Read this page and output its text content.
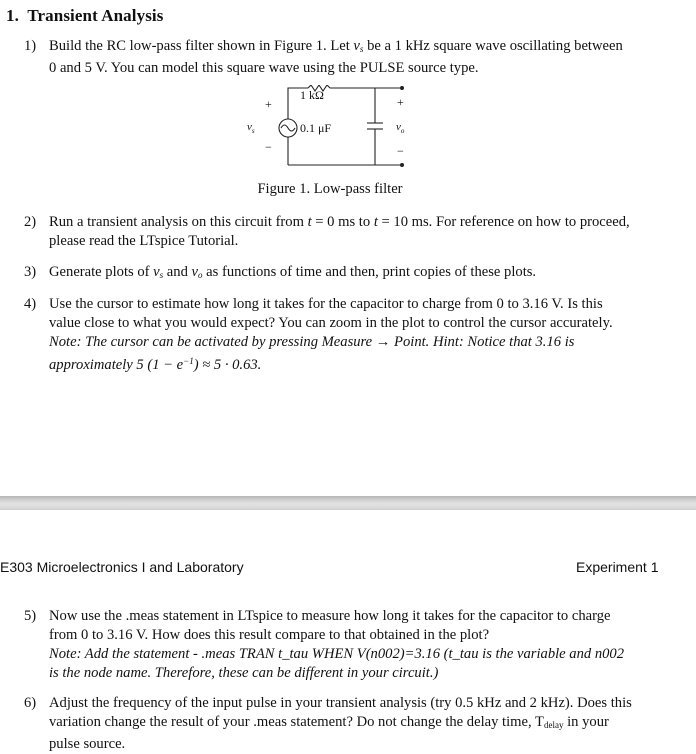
1. Transient Analysis
1) Build the RC low-pass filter shown in Figure 1. Let $v_s$ be a 1 kHz square wave oscillating between
0 and 5 V. You can model this square wave using the PULSE source type.
1 kΩ
0.1 μF
+
−
$v_s$
+
−
$v_o$
Figure 1. Low-pass filter
2) Run a transient analysis on this circuit from t = 0 ms to t = 10 ms. For reference on how to proceed,
please read the LTspice Tutorial.
3) Generate plots of $v_s$ and $v_o$ as functions of time and then, print copies of these plots.
4) Use the cursor to estimate how long it takes for the capacitor to charge from 0 to 3.16 V. Is this
value close to what you would expect? You can zoom in the plot to control the cursor accurately.
Note: The cursor can be activated by pressing Measure → Point. Hint: Notice that 3.16 is
approximately 5 $(1 - e^{-1}) \approx 5 \cdot 0.63$.
E303 Microelectronics I and Laboratory	Experiment 1
5) Now use the .meas statement in LTspice to measure how long it takes for the capacitor to charge
from 0 to 3.16 V. How does this result compare to that obtained in the plot?
Note: Add the statement - .meas TRAN t_tau WHEN V(n002)=3.16 (t_tau is the variable and n002
is the node name. Therefore, these can be different in your circuit.)
6) Adjust the frequency of the input pulse in your transient analysis (try 0.5 kHz and 2 kHz). Does this
variation change the result of your .meas statement? Do not change the delay time, Tdelay in your
pulse source.
